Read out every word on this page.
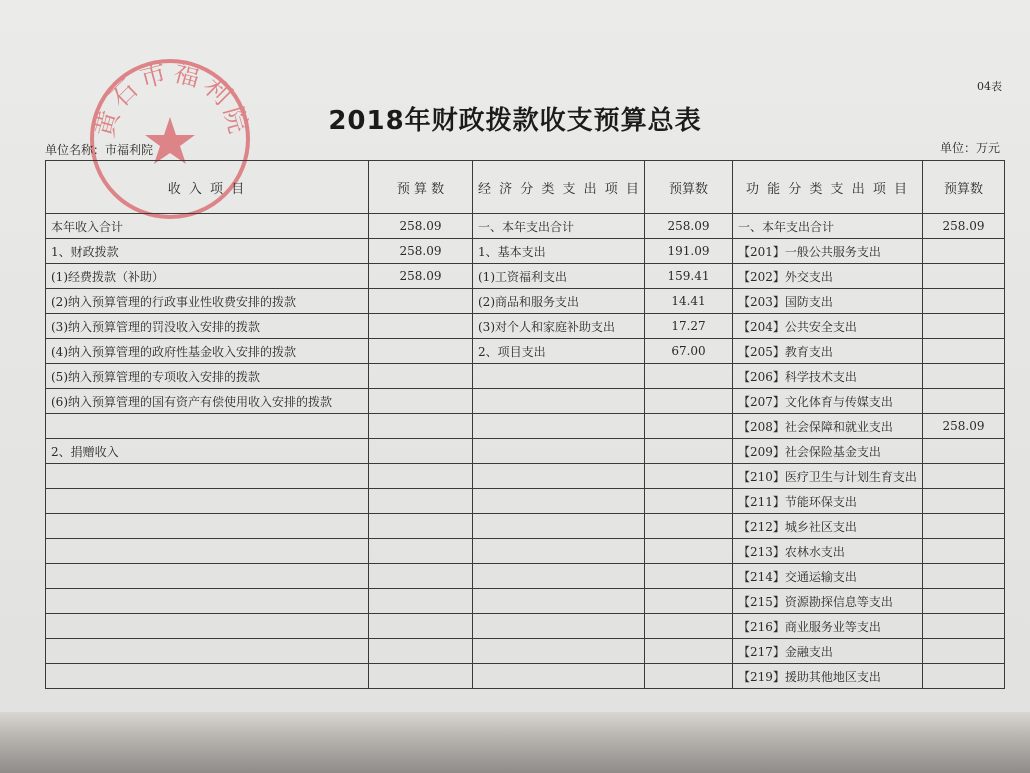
黄石市福利院
04表
2018年财政拨款收支预算总表
单位名称：市福利院	单位：万元
收 入 项 目	预 算 数	经 济 分 类 支 出 项 目	预算数	功 能 分 类 支 出 项 目	预算数
本年收入合计	258.09	一、本年支出合计	258.09	一、本年支出合计	258.09
1、财政拨款	258.09	1、基本支出	191.09	【201】一般公共服务支出	
(1)经费拨款（补助）	258.09	(1)工资福利支出	159.41	【202】外交支出	
(2)纳入预算管理的行政事业性收费安排的拨款		(2)商品和服务支出	14.41	【203】国防支出	
(3)纳入预算管理的罚没收入安排的拨款		(3)对个人和家庭补助支出	17.27	【204】公共安全支出	
(4)纳入预算管理的政府性基金收入安排的拨款		2、项目支出	67.00	【205】教育支出	
(5)纳入预算管理的专项收入安排的拨款				【206】科学技术支出	
(6)纳入预算管理的国有资产有偿使用收入安排的拨款				【207】文化体育与传媒支出	
				【208】社会保障和就业支出	258.09
2、捐赠收入				【209】社会保险基金支出	
				【210】医疗卫生与计划生育支出	
				【211】节能环保支出	
				【212】城乡社区支出	
				【213】农林水支出	
				【214】交通运输支出	
				【215】资源勘探信息等支出	
				【216】商业服务业等支出	
				【217】金融支出	
				【219】援助其他地区支出	
